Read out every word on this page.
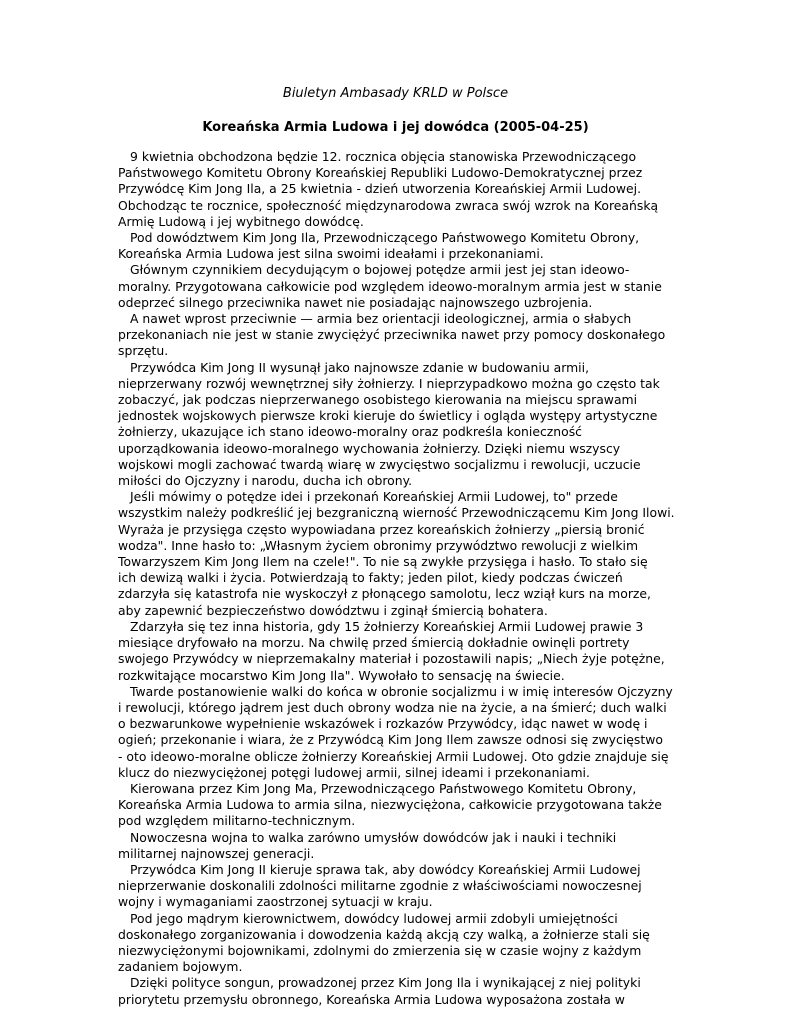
Biuletyn Ambasady KRLD w Polsce
Koreańska Armia Ludowa i jej dowódca (2005-04-25)
9 kwietnia obchodzona będzie 12. rocznica objęcia stanowiska Przewodniczącego
Państwowego Komitetu Obrony Koreańskiej Republiki Ludowo-Demokratycznej przez
Przywódcę Kim Jong Ila, a 25 kwietnia - dzień utworzenia Koreańskiej Armii Ludowej.
Obchodząc te rocznice, społeczność międzynarodowa zwraca swój wzrok na Koreańską
Armię Ludową i jej wybitnego dowódcę.
Pod dowództwem Kim Jong Ila, Przewodniczącego Państwowego Komitetu Obrony,
Koreańska Armia Ludowa jest silna swoimi ideałami i przekonaniami.
Głównym czynnikiem decydującym o bojowej potędze armii jest jej stan ideowo-
moralny. Przygotowana całkowicie pod względem ideowo-moralnym armia jest w stanie
odeprzeć silnego przeciwnika nawet nie posiadając najnowszego uzbrojenia.
A nawet wprost przeciwnie — armia bez orientacji ideologicznej, armia o słabych
przekonaniach nie jest w stanie zwyciężyć przeciwnika nawet przy pomocy doskonałego
sprzętu.
Przywódca Kim Jong II wysunął jako najnowsze zdanie w budowaniu armii,
nieprzerwany rozwój wewnętrznej siły żołnierzy. I nieprzypadkowo można go często tak
zobaczyć, jak podczas nieprzerwanego osobistego kierowania na miejscu sprawami
jednostek wojskowych pierwsze kroki kieruje do świetlicy i ogląda występy artystyczne
żołnierzy, ukazujące ich stano ideowo-moralny oraz podkreśla konieczność
uporządkowania ideowo-moralnego wychowania żołnierzy. Dzięki niemu wszyscy
wojskowi mogli zachować twardą wiarę w zwycięstwo socjalizmu i rewolucji, uczucie
miłości do Ojczyzny i narodu, ducha ich obrony.
Jeśli mówimy o potędze idei i przekonań Koreańskiej Armii Ludowej, to" przede
wszystkim należy podkreślić jej bezgraniczną wierność Przewodniczącemu Kim Jong Ilowi.
Wyraża je przysięga często wypowiadana przez koreańskich żołnierzy „piersią bronić
wodza". Inne hasło to: „Własnym życiem obronimy przywództwo rewolucji z wielkim
Towarzyszem Kim Jong Ilem na czele!". To nie są zwykłe przysięga i hasło. To stało się
ich dewizą walki i życia. Potwierdzają to fakty; jeden pilot, kiedy podczas ćwiczeń
zdarzyła się katastrofa nie wyskoczył z płonącego samolotu, lecz wziął kurs na morze,
aby zapewnić bezpieczeństwo dowództwu i zginął śmiercią bohatera.
Zdarzyła się tez inna historia, gdy 15 żołnierzy Koreańskiej Armii Ludowej prawie 3
miesiące dryfowało na morzu. Na chwilę przed śmiercią dokładnie owinęli portrety
swojego Przywódcy w nieprzemakalny materiał i pozostawili napis; „Niech żyje potężne,
rozkwitające mocarstwo Kim Jong Ila". Wywołało to sensację na świecie.
Twarde postanowienie walki do końca w obronie socjalizmu i w imię interesów Ojczyzny
i rewolucji, którego jądrem jest duch obrony wodza nie na życie, a na śmierć; duch walki
o bezwarunkowe wypełnienie wskazówek i rozkazów Przywódcy, idąc nawet w wodę i
ogień; przekonanie i wiara, że z Przywódcą Kim Jong Ilem zawsze odnosi się zwycięstwo
- oto ideowo-moralne oblicze żołnierzy Koreańskiej Armii Ludowej. Oto gdzie znajduje się
klucz do niezwyciężonej potęgi ludowej armii, silnej ideami i przekonaniami.
Kierowana przez Kim Jong Ma, Przewodniczącego Państwowego Komitetu Obrony,
Koreańska Armia Ludowa to armia silna, niezwyciężona, całkowicie przygotowana także
pod względem militarno-technicznym.
Nowoczesna wojna to walka zarówno umysłów dowódców jak i nauki i techniki
militarnej najnowszej generacji.
Przywódca Kim Jong II kieruje sprawa tak, aby dowódcy Koreańskiej Armii Ludowej
nieprzerwanie doskonalili zdolności militarne zgodnie z właściwościami nowoczesnej
wojny i wymaganiami zaostrzonej sytuacji w kraju.
Pod jego mądrym kierownictwem, dowódcy ludowej armii zdobyli umiejętności
doskonałego zorganizowania i dowodzenia każdą akcją czy walką, a żołnierze stali się
niezwyciężonymi bojownikami, zdolnymi do zmierzenia się w czasie wojny z każdym
zadaniem bojowym.
Dzięki polityce songun, prowadzonej przez Kim Jong Ila i wynikającej z niej polityki
priorytetu przemysłu obronnego, Koreańska Armia Ludowa wyposażona została w
